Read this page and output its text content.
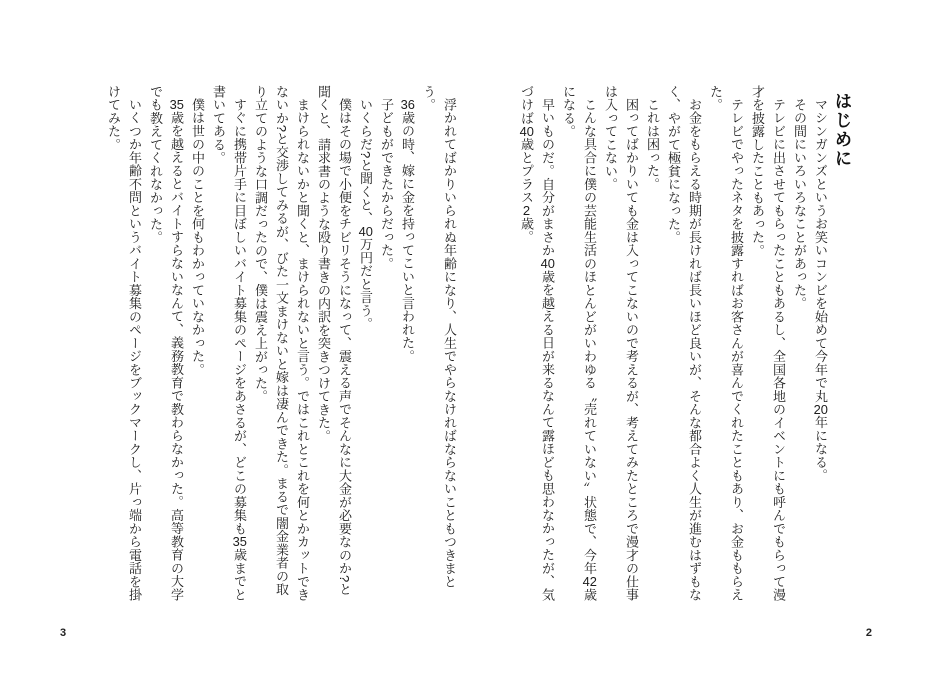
はじめに

マシンガンズというお笑いコンビを始めて今年で丸20年になる。

その間にいろいろなことがあった。

テレビに出させてもらったこともあるし、全国各地のイベントにも呼んでもらって漫才を披露したこともあった。

テレビでやったネタを披露すればお客さんが喜んでくれたこともあり、お金ももらえた。

お金をもらえる時期が長ければ長いほど良いが、そんな都合よく人生が進むはずもなく、やがて極貧になった。

これは困った。

困ってばかりいても金は入ってこないので考えるが、考えてみたところで漫才の仕事は入ってこない。

こんな具合に僕の芸能生活のほとんどがいわゆる〝売れていない〟状態で、今年42歳になる。

早いものだ。自分がまさか40歳を越える日が来るなんて露ほども思わなかったが、気づけば40歳とプラス2歳。

2

浮かれてばかりいられぬ年齢になり、人生でやらなければならないこともつきまとう。

36歳の時、嫁に金を持ってこいと言われた。

子どもができたからだった。

いくらだ?と聞くと、40万円だと言う。

僕はその場で小便をチビリそうになって、震える声でそんなに大金が必要なのか?と聞くと、請求書のような殴り書きの内訳を突きつけてきた。

まけられないかと聞くと、まけられないと言う。ではこれとこれを何とかカットできないか?と交渉してみるが、びた一文まけないと嫁は凄んできた。まるで闇金業者の取り立てのような口調だったので、僕は震え上がった。

すぐに携帯片手に目ぼしいバイト募集のページをあさるが、どこの募集も35歳までと書いてある。

僕は世の中のことを何もわかっていなかった。

35歳を越えるとバイトすらないなんて、義務教育で教わらなかった。高等教育の大学でも教えてくれなかった。

いくつか年齢不問というバイト募集のページをブックマークし、片っ端から電話を掛けてみた。

3
